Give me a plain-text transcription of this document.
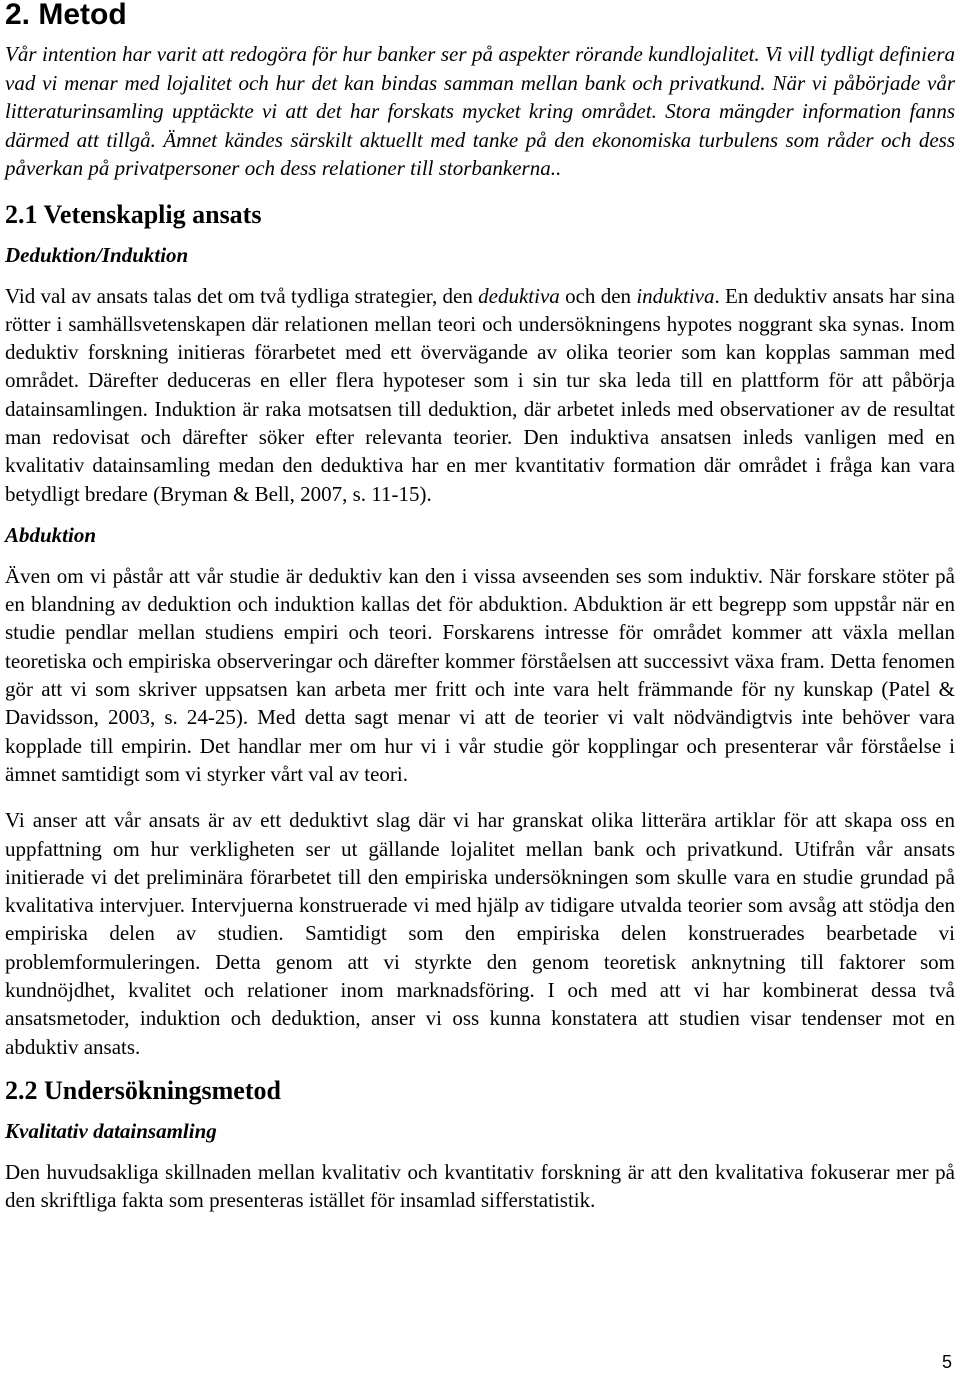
2. Metod

Vår intention har varit att redogöra för hur banker ser på aspekter rörande kundlojalitet. Vi vill tydligt definiera vad vi menar med lojalitet och hur det kan bindas samman mellan bank och privatkund. När vi påbörjade vår litteraturinsamling upptäckte vi att det har forskats mycket kring området. Stora mängder information fanns därmed att tillgå. Ämnet kändes särskilt aktuellt med tanke på den ekonomiska turbulens som råder och dess påverkan på privatpersoner och dess relationer till storbankerna..

2.1 Vetenskaplig ansats
Deduktion/Induktion

Vid val av ansats talas det om två tydliga strategier, den deduktiva och den induktiva. En deduktiv ansats har sina rötter i samhällsvetenskapen där relationen mellan teori och undersökningens hypotes noggrant ska synas. Inom deduktiv forskning initieras förarbetet med ett övervägande av olika teorier som kan kopplas samman med området. Därefter deduceras en eller flera hypoteser som i sin tur ska leda till en plattform för att påbörja datainsamlingen. Induktion är raka motsatsen till deduktion, där arbetet inleds med observationer av de resultat man redovisat och därefter söker efter relevanta teorier. Den induktiva ansatsen inleds vanligen med en kvalitativ datainsamling medan den deduktiva har en mer kvantitativ formation där området i fråga kan vara betydligt bredare (Bryman & Bell, 2007, s. 11-15).

Abduktion

Även om vi påstår att vår studie är deduktiv kan den i vissa avseenden ses som induktiv. När forskare stöter på en blandning av deduktion och induktion kallas det för abduktion. Abduktion är ett begrepp som uppstår när en studie pendlar mellan studiens empiri och teori. Forskarens intresse för området kommer att växla mellan teoretiska och empiriska observeringar och därefter kommer förståelsen att successivt växa fram. Detta fenomen gör att vi som skriver uppsatsen kan arbeta mer fritt och inte vara helt främmande för ny kunskap (Patel & Davidsson, 2003, s. 24-25). Med detta sagt menar vi att de teorier vi valt nödvändigtvis inte behöver vara kopplade till empirin. Det handlar mer om hur vi i vår studie gör kopplingar och presenterar vår förståelse i ämnet samtidigt som vi styrker vårt val av teori.

Vi anser att vår ansats är av ett deduktivt slag där vi har granskat olika litterära artiklar för att skapa oss en uppfattning om hur verkligheten ser ut gällande lojalitet mellan bank och privatkund. Utifrån vår ansats initierade vi det preliminära förarbetet till den empiriska undersökningen som skulle vara en studie grundad på kvalitativa intervjuer. Intervjuerna konstruerade vi med hjälp av tidigare utvalda teorier som avsåg att stödja den empiriska delen av studien. Samtidigt som den empiriska delen konstruerades bearbetade vi problemformuleringen. Detta genom att vi styrkte den genom teoretisk anknytning till faktorer som kundnöjdhet, kvalitet och relationer inom marknadsföring. I och med att vi har kombinerat dessa två ansatsmetoder, induktion och deduktion, anser vi oss kunna konstatera att studien visar tendenser mot en abduktiv ansats.

2.2 Undersökningsmetod
Kvalitativ datainsamling

Den huvudsakliga skillnaden mellan kvalitativ och kvantitativ forskning är att den kvalitativa fokuserar mer på den skriftliga fakta som presenteras istället för insamlad sifferstatistik.

5
